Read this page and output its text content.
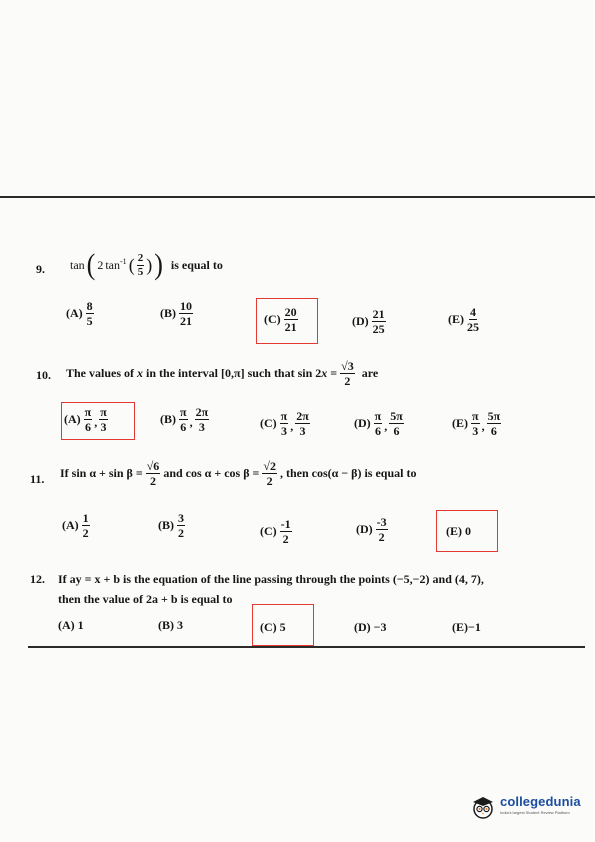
9. tan ( 2 $\tan^{-1}$ ( $\frac{2}{5}$ ) ) is equal to
$(A) \frac{8}{5}$	$(B) \frac{10}{21}$	$(C) \frac{20}{21}$	$(D) \frac{21}{25}$	$(E) \frac{4}{25}$
10. The values of x in the interval [0,π] such that sin 2 $x = \frac{√3}{2}$ are
$(A) \frac{\pi}{6}$ , $\frac{\pi}{3}$	$(B) \frac{\pi}{6}$ , $\frac{2\pi}{3}$	$(C) \frac{\pi}{3}$ , $\frac{2\pi}{3}$	$(D) \frac{\pi}{6}$ , $\frac{5\pi}{6}$	$(E) \frac{\pi}{3}$ , $\frac{5\pi}{6}$
11. If $\sin \alpha + \sin \beta = \frac{√6}{2}$ and $\cos \alpha + \cos \beta = \frac{√2}{2}$ , then cos(α − β) is equal to
$(A) \frac{1}{2}$	$(B) \frac{3}{2}$	$(C) \frac{-1}{2}$	$(D) \frac{-3}{2}$	(E) 0
12. If ay = x + b is the equation of the line passing through the points (−5,−2) and (4, 7),
then the value of 2a + b is equal to
(A) 1	(B) 3	(C) 5	(D) −3	(E)−1
collegedunia
India's largest Student Review Platform
